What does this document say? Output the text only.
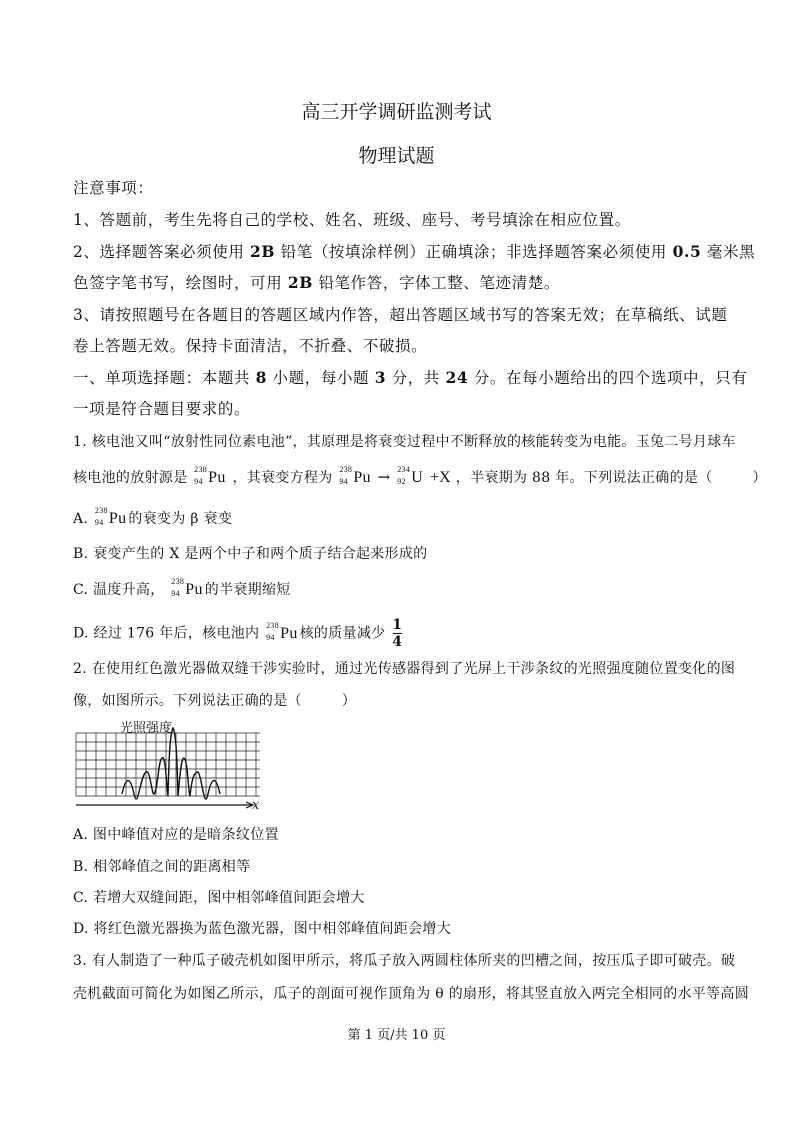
高三开学调研监测考试
物理试题
注意事项：
1、答题前，考生先将自己的学校、姓名、班级、座号、考号填涂在相应位置。
2、选择题答案必须使用 2B 铅笔（按填涂样例）正确填涂；非选择题答案必须使用 0.5 毫米黑
色签字笔书写，绘图时，可用 2B 铅笔作答，字体工整、笔迹清楚。
3、请按照题号在各题目的答题区域内作答，超出答题区域书写的答案无效；在草稿纸、试题
卷上答题无效。保持卡面清洁，不折叠、不破损。
一、单项选择题：本题共 8 小题，每小题 3 分，共 24 分。在每小题给出的四个选项中，只有
一项是符合题目要求的。
1. 核电池又叫“放射性同位素电池”，其原理是将衰变过程中不断释放的核能转变为电能。玉兔二号月球车
核电池的放射源是
238
94 Pu ，其衰变方程为
238
94 Pu → 234
92 U +X ，半衰期为 88 年。下列说法正确的是（	）
A.
238
94 Pu 的衰变为 β 衰变
B. 衰变产生的 X 是两个中子和两个质子结合起来形成的
C. 温度升高，
238
94 Pu 的半衰期缩短
D. 经过 176 年后，核电池内
238
94 Pu 核的质量减少 $\frac{1}{4}$
2. 在使用红色激光器做双缝干涉实验时，通过光传感器得到了光屏上干涉条纹的光照强度随位置变化的图
像，如图所示。下列说法正确的是（	）
光照强度
x
A. 图中峰值对应的是暗条纹位置
B. 相邻峰值之间的距离相等
C. 若增大双缝间距，图中相邻峰值间距会增大
D. 将红色激光器换为蓝色激光器，图中相邻峰值间距会增大
3. 有人制造了一种瓜子破壳机如图甲所示，将瓜子放入两圆柱体所夹的凹槽之间，按压瓜子即可破壳。破
壳机截面可简化为如图乙所示，瓜子的剖面可视作顶角为 θ 的扇形，将其竖直放入两完全相同的水平等高圆
第 1 页/共 10 页
